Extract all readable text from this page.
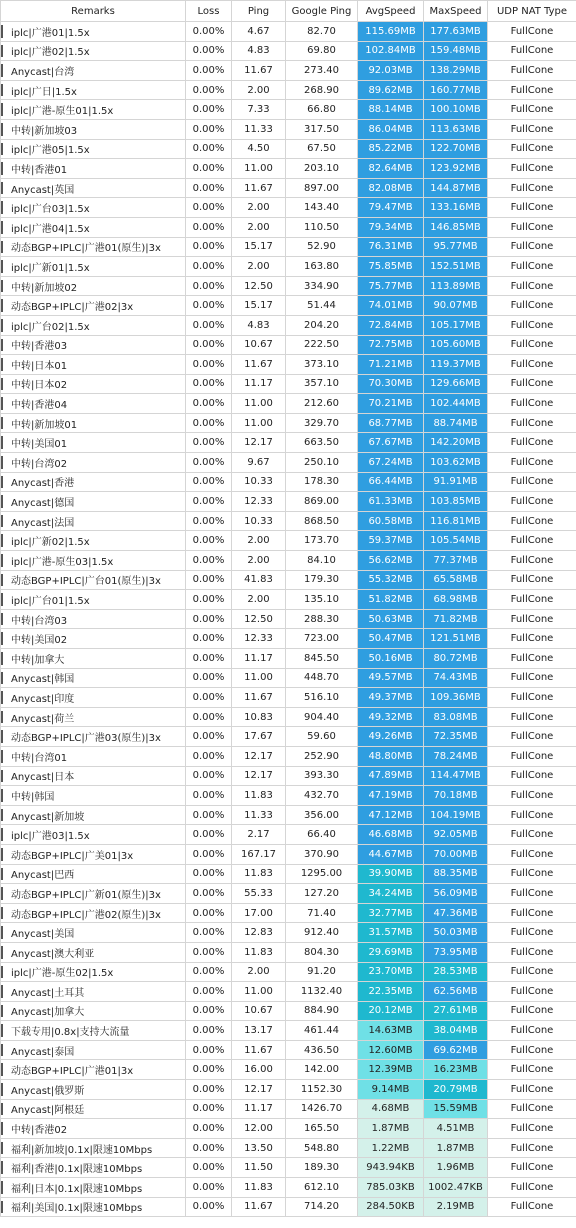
Remarks	Loss	Ping	Google Ping	AvgSpeed	MaxSpeed	UDP NAT Type
iplc|广港01|1.5x	0.00%	4.67	82.70	115.69MB	177.63MB	FullCone
iplc|广港02|1.5x	0.00%	4.83	69.80	102.84MB	159.48MB	FullCone
Anycast|台湾	0.00%	11.67	273.40	92.03MB	138.29MB	FullCone
iplc|广日|1.5x	0.00%	2.00	268.90	89.62MB	160.77MB	FullCone
iplc|广港-原生01|1.5x	0.00%	7.33	66.80	88.14MB	100.10MB	FullCone
中转|新加坡03	0.00%	11.33	317.50	86.04MB	113.63MB	FullCone
iplc|广港05|1.5x	0.00%	4.50	67.50	85.22MB	122.70MB	FullCone
中转|香港01	0.00%	11.00	203.10	82.64MB	123.92MB	FullCone
Anycast|英国	0.00%	11.67	897.00	82.08MB	144.87MB	FullCone
iplc|广台03|1.5x	0.00%	2.00	143.40	79.47MB	133.16MB	FullCone
iplc|广港04|1.5x	0.00%	2.00	110.50	79.34MB	146.85MB	FullCone
动态BGP+IPLC|广港01(原生)|3x	0.00%	15.17	52.90	76.31MB	95.77MB	FullCone
iplc|广新01|1.5x	0.00%	2.00	163.80	75.85MB	152.51MB	FullCone
中转|新加坡02	0.00%	12.50	334.90	75.77MB	113.89MB	FullCone
动态BGP+IPLC|广港02|3x	0.00%	15.17	51.44	74.01MB	90.07MB	FullCone
iplc|广台02|1.5x	0.00%	4.83	204.20	72.84MB	105.17MB	FullCone
中转|香港03	0.00%	10.67	222.50	72.75MB	105.60MB	FullCone
中转|日本01	0.00%	11.67	373.10	71.21MB	119.37MB	FullCone
中转|日本02	0.00%	11.17	357.10	70.30MB	129.66MB	FullCone
中转|香港04	0.00%	11.00	212.60	70.21MB	102.44MB	FullCone
中转|新加坡01	0.00%	11.00	329.70	68.77MB	88.74MB	FullCone
中转|美国01	0.00%	12.17	663.50	67.67MB	142.20MB	FullCone
中转|台湾02	0.00%	9.67	250.10	67.24MB	103.62MB	FullCone
Anycast|香港	0.00%	10.33	178.30	66.44MB	91.91MB	FullCone
Anycast|德国	0.00%	12.33	869.00	61.33MB	103.85MB	FullCone
Anycast|法国	0.00%	10.33	868.50	60.58MB	116.81MB	FullCone
iplc|广新02|1.5x	0.00%	2.00	173.70	59.37MB	105.54MB	FullCone
iplc|广港-原生03|1.5x	0.00%	2.00	84.10	56.62MB	77.37MB	FullCone
动态BGP+IPLC|广台01(原生)|3x	0.00%	41.83	179.30	55.32MB	65.58MB	FullCone
iplc|广台01|1.5x	0.00%	2.00	135.10	51.82MB	68.98MB	FullCone
中转|台湾03	0.00%	12.50	288.30	50.63MB	71.82MB	FullCone
中转|美国02	0.00%	12.33	723.00	50.47MB	121.51MB	FullCone
中转|加拿大	0.00%	11.17	845.50	50.16MB	80.72MB	FullCone
Anycast|韩国	0.00%	11.00	448.70	49.57MB	74.43MB	FullCone
Anycast|印度	0.00%	11.67	516.10	49.37MB	109.36MB	FullCone
Anycast|荷兰	0.00%	10.83	904.40	49.32MB	83.08MB	FullCone
动态BGP+IPLC|广港03(原生)|3x	0.00%	17.67	59.60	49.26MB	72.35MB	FullCone
中转|台湾01	0.00%	12.17	252.90	48.80MB	78.24MB	FullCone
Anycast|日本	0.00%	12.17	393.30	47.89MB	114.47MB	FullCone
中转|韩国	0.00%	11.83	432.70	47.19MB	70.18MB	FullCone
Anycast|新加坡	0.00%	11.33	356.00	47.12MB	104.19MB	FullCone
iplc|广港03|1.5x	0.00%	2.17	66.40	46.68MB	92.05MB	FullCone
动态BGP+IPLC|广美01|3x	0.00%	167.17	370.90	44.67MB	70.00MB	FullCone
Anycast|巴西	0.00%	11.83	1295.00	39.90MB	88.35MB	FullCone
动态BGP+IPLC|广新01(原生)|3x	0.00%	55.33	127.20	34.24MB	56.09MB	FullCone
动态BGP+IPLC|广港02(原生)|3x	0.00%	17.00	71.40	32.77MB	47.36MB	FullCone
Anycast|美国	0.00%	12.83	912.40	31.57MB	50.03MB	FullCone
Anycast|澳大利亚	0.00%	11.83	804.30	29.69MB	73.95MB	FullCone
iplc|广港-原生02|1.5x	0.00%	2.00	91.20	23.70MB	28.53MB	FullCone
Anycast|土耳其	0.00%	11.00	1132.40	22.35MB	62.56MB	FullCone
Anycast|加拿大	0.00%	10.67	884.90	20.12MB	27.61MB	FullCone
下载专用|0.8x|支持大流量	0.00%	13.17	461.44	14.63MB	38.04MB	FullCone
Anycast|泰国	0.00%	11.67	436.50	12.60MB	69.62MB	FullCone
动态BGP+IPLC|广港01|3x	0.00%	16.00	142.00	12.39MB	16.23MB	FullCone
Anycast|俄罗斯	0.00%	12.17	1152.30	9.14MB	20.79MB	FullCone
Anycast|阿根廷	0.00%	11.17	1426.70	4.68MB	15.59MB	FullCone
中转|香港02	0.00%	12.00	165.50	1.87MB	4.51MB	FullCone
福利|新加坡|0.1x|限速10Mbps	0.00%	13.50	548.80	1.22MB	1.87MB	FullCone
福利|香港|0.1x|限速10Mbps	0.00%	11.50	189.30	943.94KB	1.96MB	FullCone
福利|日本|0.1x|限速10Mbps	0.00%	11.83	612.10	785.03KB	1002.47KB	FullCone
福利|美国|0.1x|限速10Mbps	0.00%	11.67	714.20	284.50KB	2.19MB	FullCone
